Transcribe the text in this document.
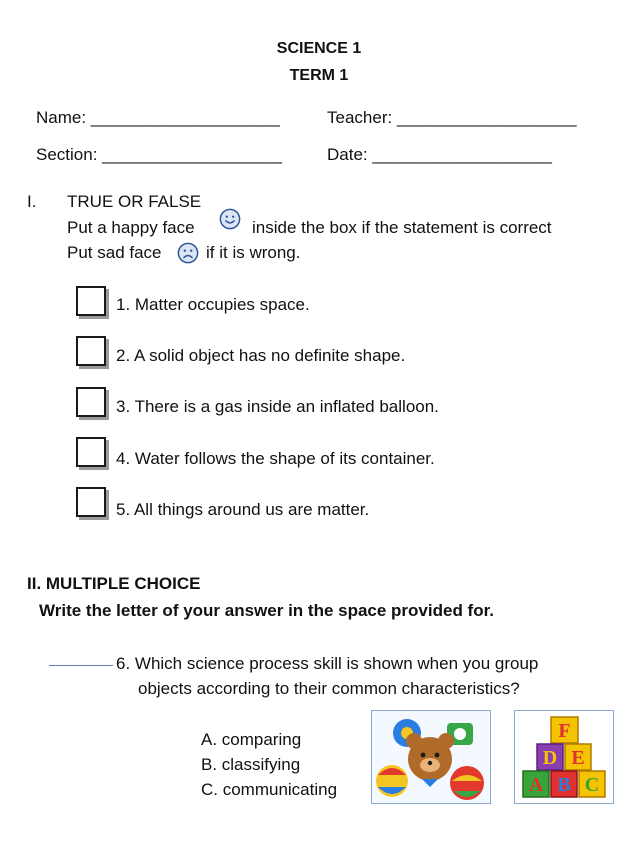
SCIENCE 1
TERM 1
Name: ____________________	Teacher: ___________________
Section: ___________________	Date: ___________________
I. TRUE OR FALSE
Put a happy face	inside the box if the statement is correct
Put sad face	if it is wrong.
1. Matter occupies space.
2. A solid object has no definite shape.
3. There is a gas inside an inflated balloon.
4. Water follows the shape of its container.
5. All things around us are matter.
II. MULTIPLE CHOICE
Write the letter of your answer in the space provided for.
6. Which science process skill is shown when you group
objects according to their common characteristics?
A. comparing
B. classifying
C. communicating
F
D E
A B C
